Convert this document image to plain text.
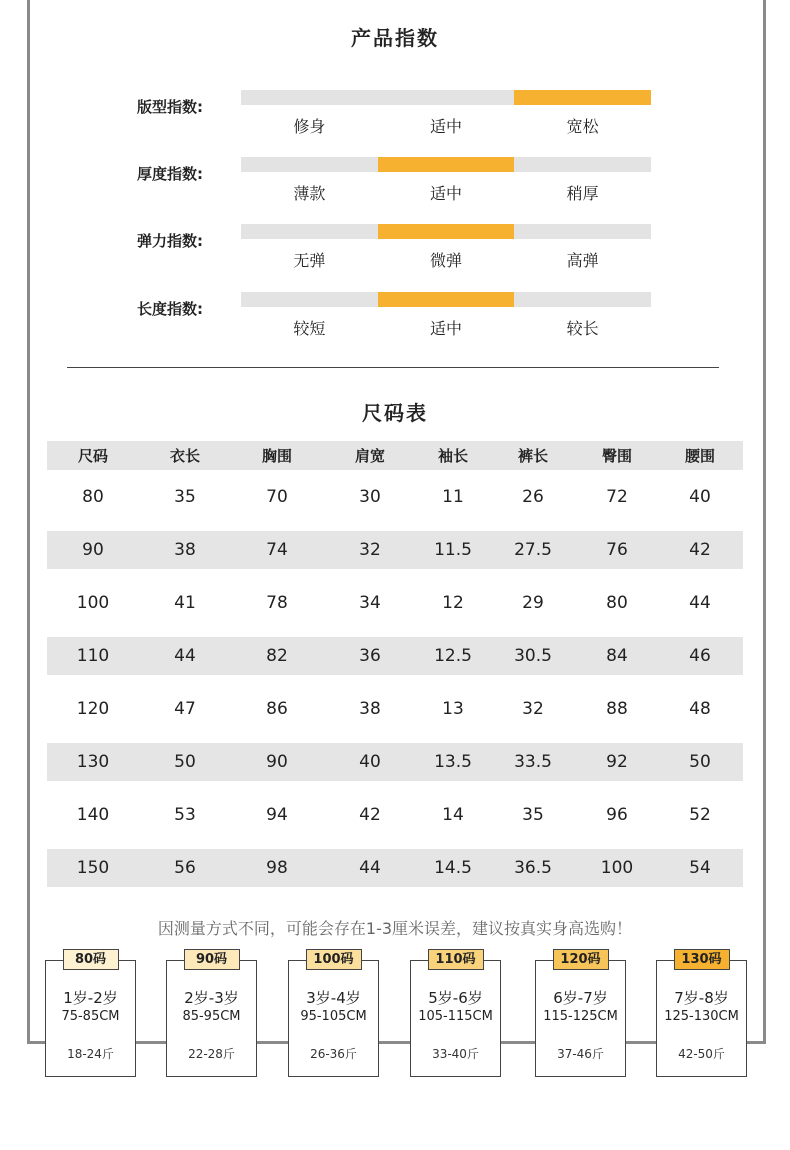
产品指数
版型指数:
修身	适中	宽松
厚度指数:
薄款	适中	稍厚
弹力指数:
无弹	微弹	高弹
长度指数:
较短	适中	较长
尺码表
尺码	衣长	胸围	肩宽	袖长	裤长	臀围	腰围
80	35	70	30	11	26	72	40
90	38	74	32	11.5	27.5	76	42
100	41	78	34	12	29	80	44
110	44	82	36	12.5	30.5	84	46
120	47	86	38	13	32	88	48
130	50	90	40	13.5	33.5	92	50
140	53	94	42	14	35	96	52
150	56	98	44	14.5	36.5	100	54
因测量方式不同，可能会存在1-3厘米误差，建议按真实身高选购！
80码
1岁-2岁
75-85CM
18-24斤
90码
2岁-3岁
85-95CM
22-28斤
100码
3岁-4岁
95-105CM
26-36斤
110码
5岁-6岁
105-115CM
33-40斤
120码
6岁-7岁
115-125CM
37-46斤
130码
7岁-8岁
125-130CM
42-50斤
